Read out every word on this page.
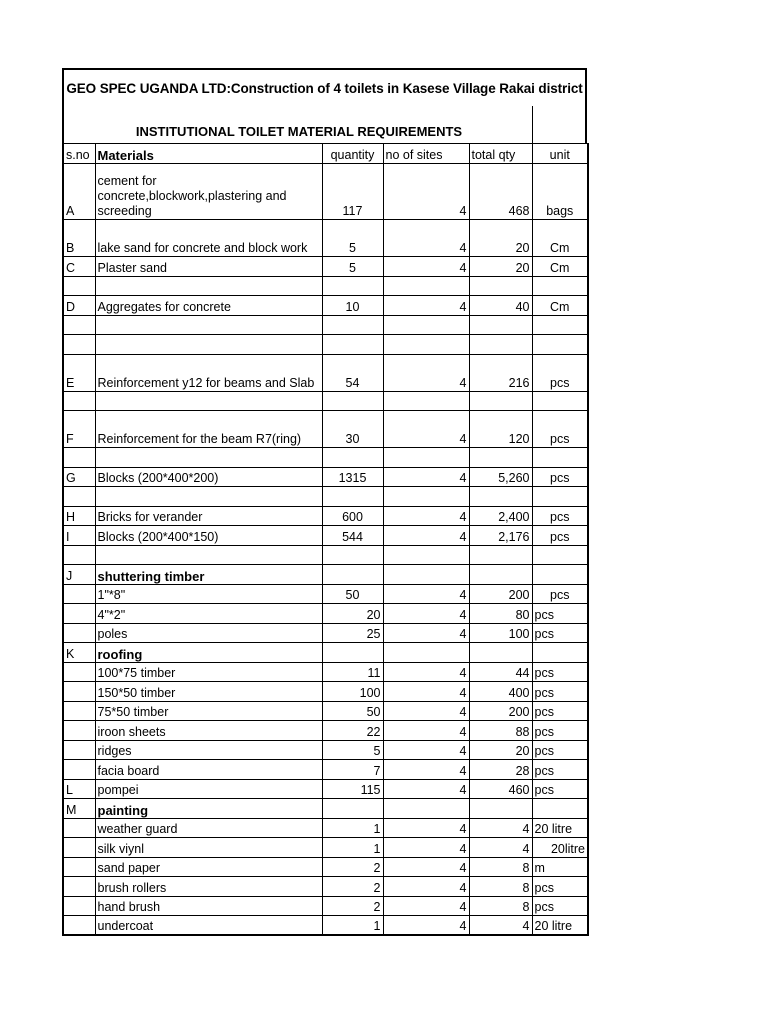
GEO SPEC UGANDA LTD:Construction of 4 toilets in Kasese Village Rakai district
INSTITUTIONAL TOILET MATERIAL REQUIREMENTS
s.no	Materials	quantity	no of sites	total qty	unit
A	cement for concrete,blockwork,plastering and screeding	117	4	468	bags
B	lake sand for concrete and block work	5	4	20	Cm
C	Plaster sand	5	4	20	Cm

D	Aggregates for concrete	10	4	40	Cm

E	Reinforcement y12 for beams and Slab	54	4	216	pcs

F	Reinforcement for the beam R7(ring)	30	4	120	pcs

G	Blocks (200*400*200)	1315	4	5,260	pcs

H	Bricks for verander	600	4	2,400	pcs
I	Blocks (200*400*150)	544	4	2,176	pcs

J	shuttering timber				
	1"*8"	50	4	200	pcs
	4"*2"	20	4	80	pcs
	poles	25	4	100	pcs
K	roofing				
	100*75 timber	11	4	44	pcs
	150*50 timber	100	4	400	pcs
	75*50 timber	50	4	200	pcs
	iroon sheets	22	4	88	pcs
	ridges	5	4	20	pcs
	facia board	7	4	28	pcs
L	pompei	115	4	460	pcs
M	painting				
	weather guard	1	4	4	20 litre
	silk viynl	1	4	4	20litre
	sand paper	2	4	8	m
	brush rollers	2	4	8	pcs
	hand brush	2	4	8	pcs
	undercoat	1	4	4	20 litre
